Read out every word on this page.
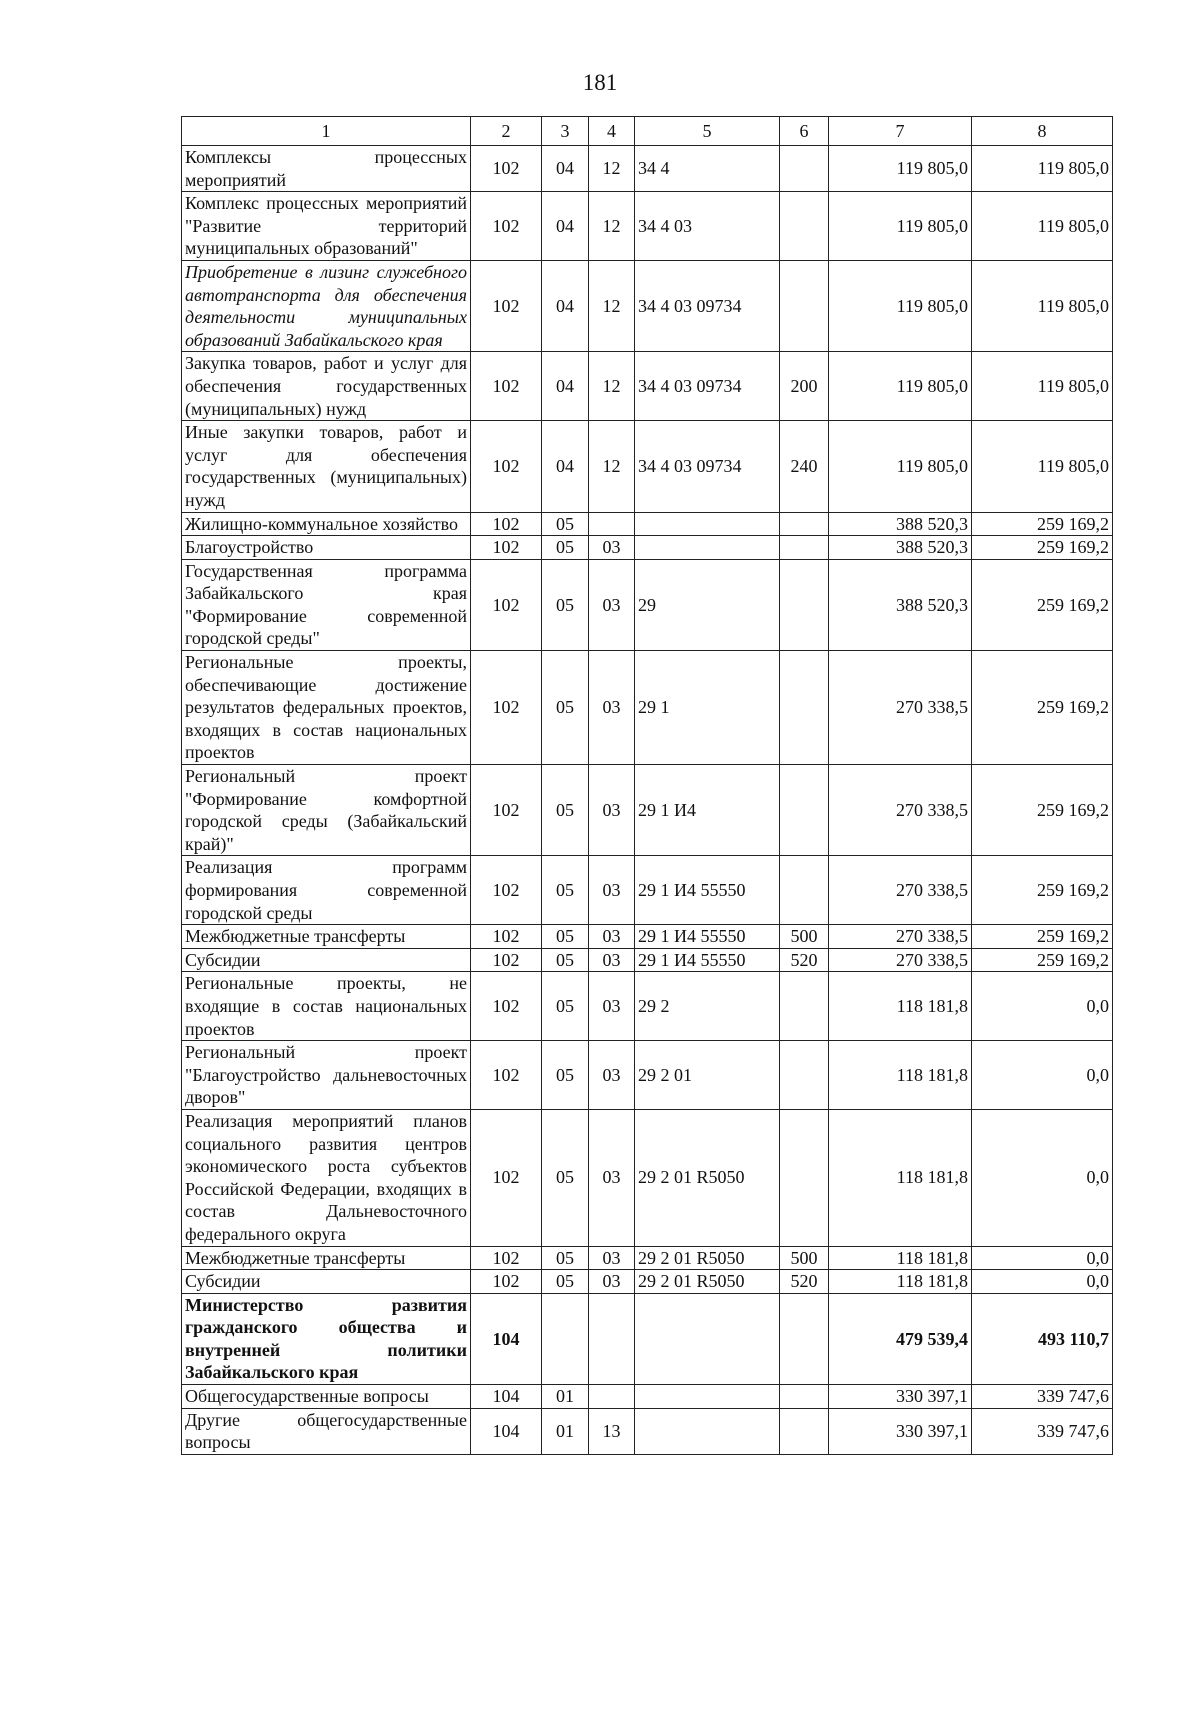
181
1	2	3	4	5	6	7	8
Комплексы процессных мероприятий	102	04	12	34 4		119 805,0	119 805,0
Комплекс процессных мероприятий "Развитие территорий муниципальных образований"	102	04	12	34 4 03		119 805,0	119 805,0
Приобретение в лизинг служебного автотранспорта для обеспечения деятельности муниципальных образований Забайкальского края	102	04	12	34 4 03 09734		119 805,0	119 805,0
Закупка товаров, работ и услуг для обеспечения государственных (муниципальных) нужд	102	04	12	34 4 03 09734	200	119 805,0	119 805,0
Иные закупки товаров, работ и услуг для обеспечения государственных (муниципальных) нужд	102	04	12	34 4 03 09734	240	119 805,0	119 805,0
Жилищно-коммунальное хозяйство	102	05				388 520,3	259 169,2
Благоустройство	102	05	03			388 520,3	259 169,2
Государственная программа Забайкальского края "Формирование современной городской среды"	102	05	03	29		388 520,3	259 169,2
Региональные проекты, обеспечивающие достижение результатов федеральных проектов, входящих в состав национальных проектов	102	05	03	29 1		270 338,5	259 169,2
Региональный проект "Формирование комфортной городской среды (Забайкальский край)"	102	05	03	29 1 И4		270 338,5	259 169,2
Реализация программ формирования современной городской среды	102	05	03	29 1 И4 55550		270 338,5	259 169,2
Межбюджетные трансферты	102	05	03	29 1 И4 55550	500	270 338,5	259 169,2
Субсидии	102	05	03	29 1 И4 55550	520	270 338,5	259 169,2
Региональные проекты, не входящие в состав национальных проектов	102	05	03	29 2		118 181,8	0,0
Региональный проект "Благоустройство дальневосточных дворов"	102	05	03	29 2 01		118 181,8	0,0
Реализация мероприятий планов социального развития центров экономического роста субъектов Российской Федерации, входящих в состав Дальневосточного федерального округа	102	05	03	29 2 01 R5050		118 181,8	0,0
Межбюджетные трансферты	102	05	03	29 2 01 R5050	500	118 181,8	0,0
Субсидии	102	05	03	29 2 01 R5050	520	118 181,8	0,0
Министерство развития гражданского общества и внутренней политики Забайкальского края	104					479 539,4	493 110,7
Общегосударственные вопросы	104	01				330 397,1	339 747,6
Другие общегосударственные вопросы	104	01	13			330 397,1	339 747,6
